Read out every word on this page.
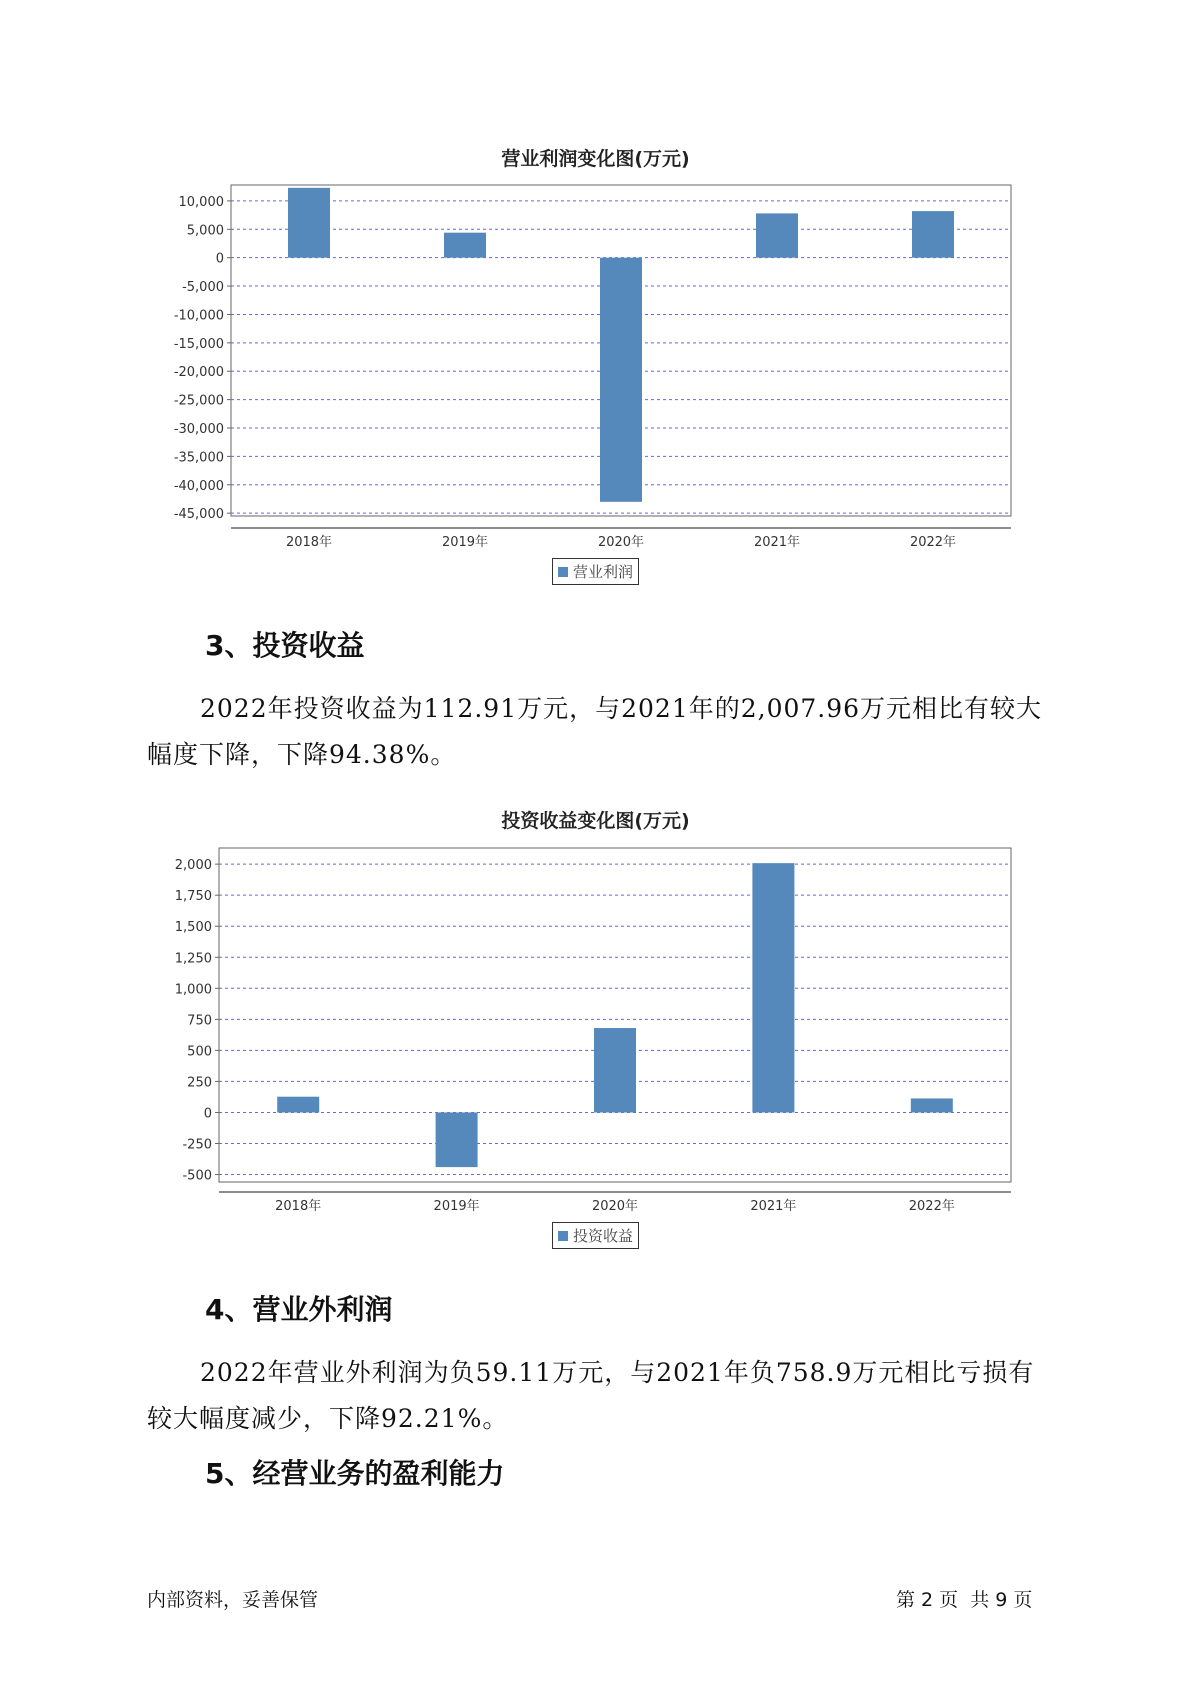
营业利润变化图(万元)
10,000
5,000
0
-5,000
-10,000
-15,000
-20,000
-25,000
-30,000
-35,000
-40,000
-45,000
2018年	2019年	2020年	2021年	2022年
营业利润
3、投资收益
2022年投资收益为112.91万元，与2021年的2,007.96万元相比有较大
幅度下降，下降94.38%。
投资收益变化图(万元)
2,000
1,750
1,500
1,250
1,000
750
500
250
0
-250
-500
2018年	2019年	2020年	2021年	2022年
投资收益
4、营业外利润
2022年营业外利润为负59.11万元，与2021年负758.9万元相比亏损有
较大幅度减少，下降92.21%。
5、经营业务的盈利能力
内部资料，妥善保管	第 2 页  共 9 页
